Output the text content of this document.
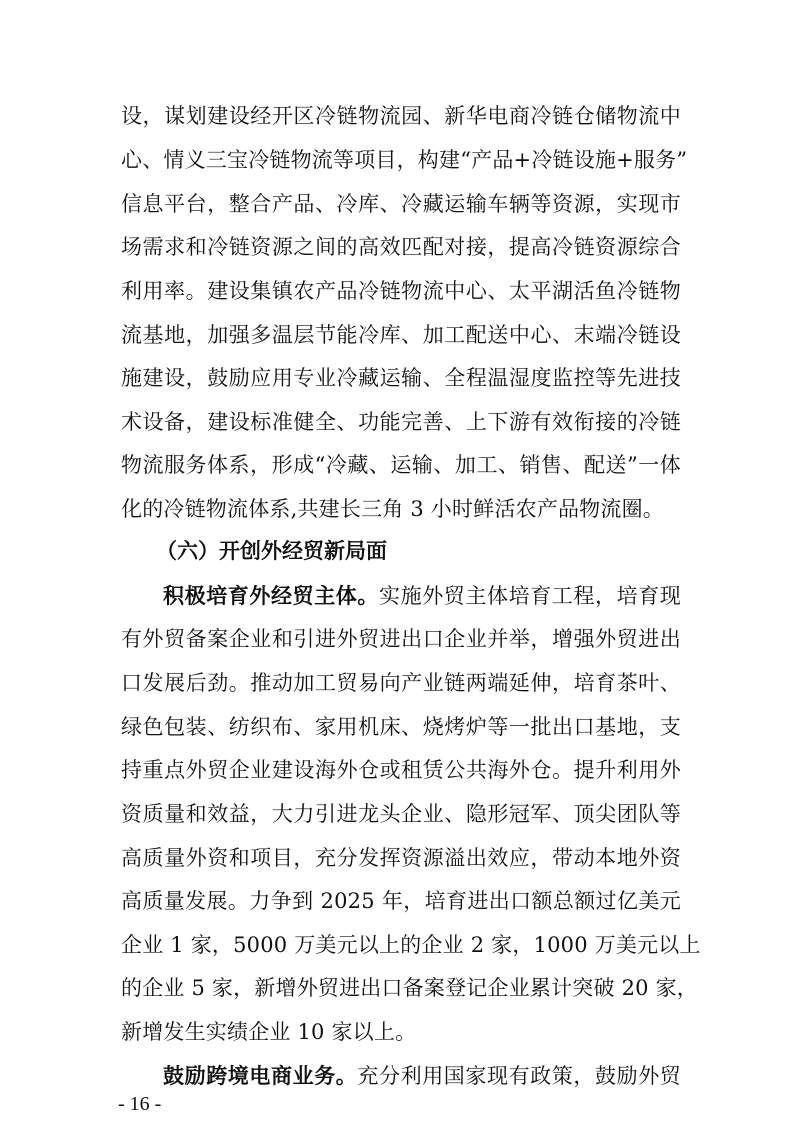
设，谋划建设经开区冷链物流园、新华电商冷链仓储物流中
心、情义三宝冷链物流等项目，构建“产品+冷链设施+服务”
信息平台，整合产品、冷库、冷藏运输车辆等资源，实现市
场需求和冷链资源之间的高效匹配对接，提高冷链资源综合
利用率。建设集镇农产品冷链物流中心、太平湖活鱼冷链物
流基地，加强多温层节能冷库、加工配送中心、末端冷链设
施建设，鼓励应用专业冷藏运输、全程温湿度监控等先进技
术设备，建设标准健全、功能完善、上下游有效衔接的冷链
物流服务体系，形成“冷藏、运输、加工、销售、配送”一体
化的冷链物流体系,共建长三角 3 小时鲜活农产品物流圈。
（六）开创外经贸新局面
积极培育外经贸主体。实施外贸主体培育工程，培育现
有外贸备案企业和引进外贸进出口企业并举，增强外贸进出
口发展后劲。推动加工贸易向产业链两端延伸，培育茶叶、
绿色包装、纺织布、家用机床、烧烤炉等一批出口基地，支
持重点外贸企业建设海外仓或租赁公共海外仓。提升利用外
资质量和效益，大力引进龙头企业、隐形冠军、顶尖团队等
高质量外资和项目，充分发挥资源溢出效应，带动本地外资
高质量发展。力争到 2025 年，培育进出口额总额过亿美元
企业 1 家，5000 万美元以上的企业 2 家，1000 万美元以上
的企业 5 家，新增外贸进出口备案登记企业累计突破 20 家，
新增发生实绩企业 10 家以上。
鼓励跨境电商业务。充分利用国家现有政策，鼓励外贸
- 16 -
